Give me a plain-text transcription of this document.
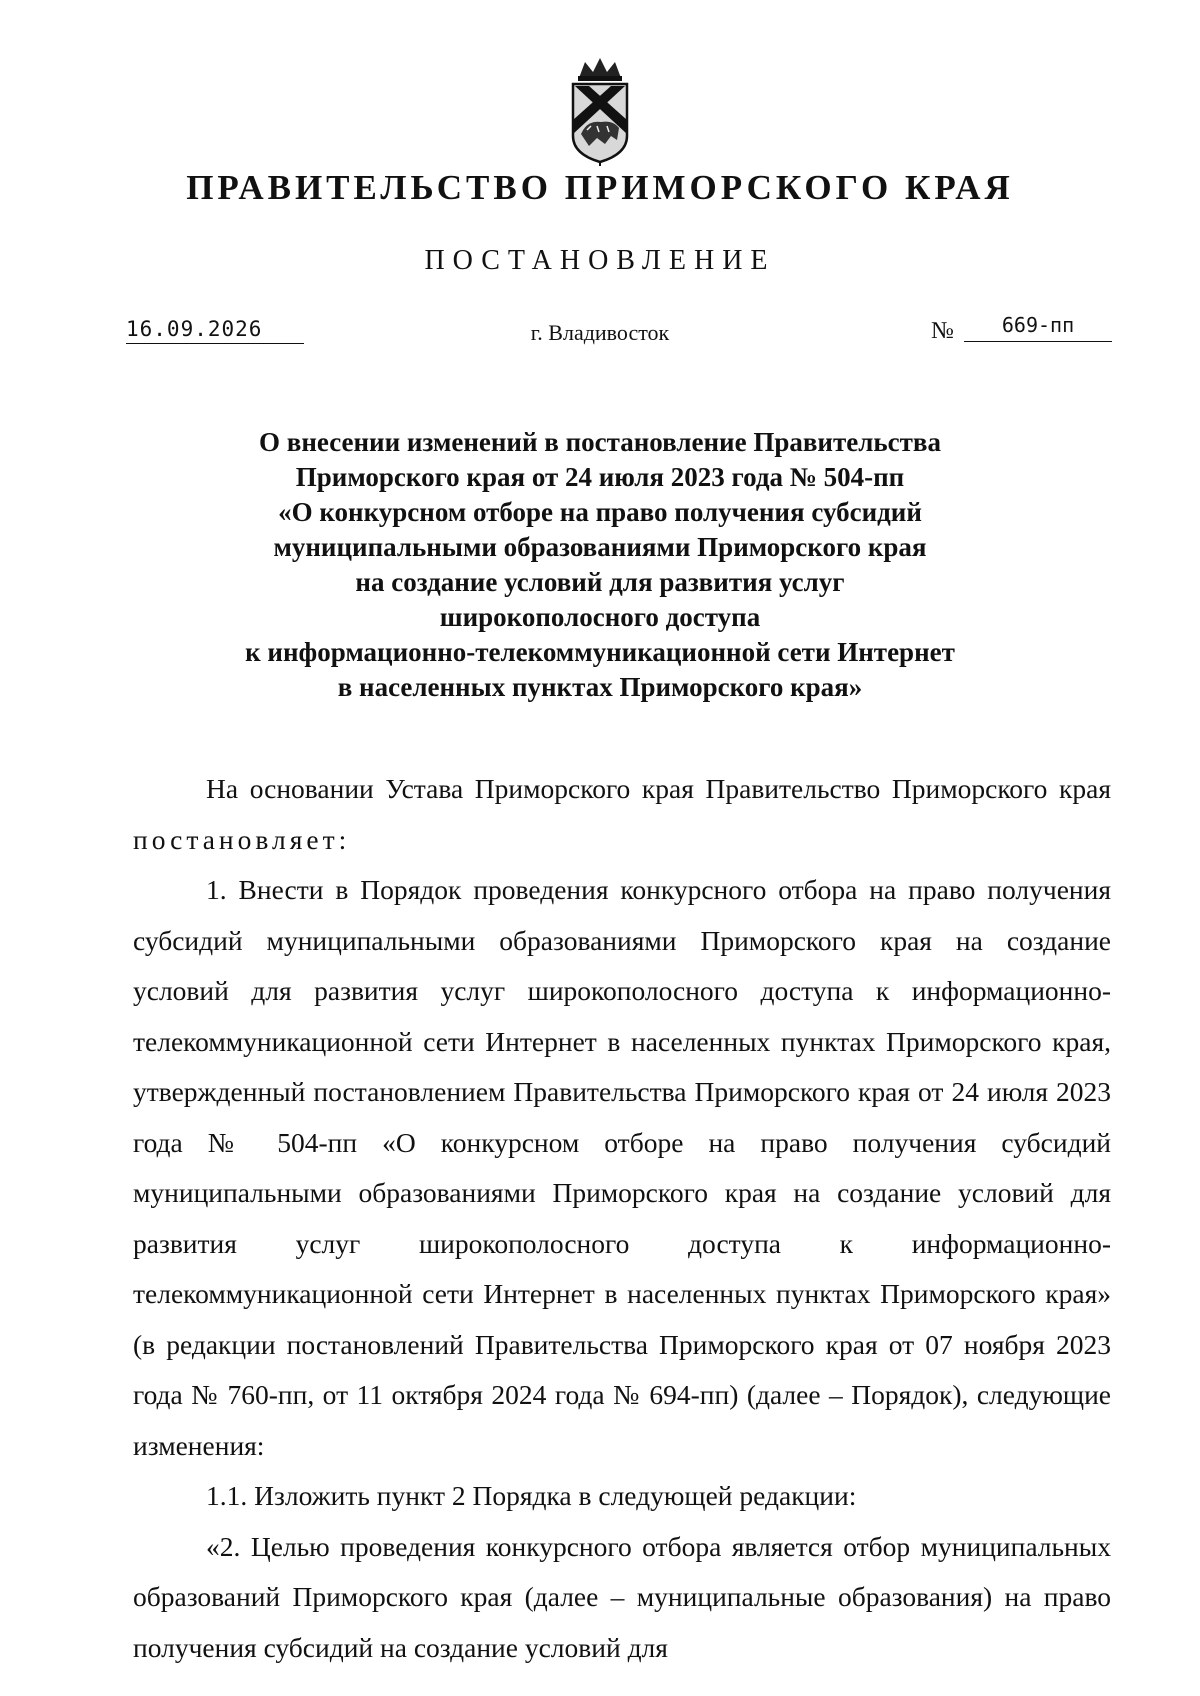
ПРАВИТЕЛЬСТВО ПРИМОРСКОГО КРАЯ
ПОСТАНОВЛЕНИЕ
16.09.2026	г. Владивосток	№	669-пп
О внесении изменений в постановление Правительства
Приморского края от 24 июля 2023 года № 504-пп
«О конкурсном отборе на право получения субсидий
муниципальными образованиями Приморского края
на создание условий для развития услуг
широкополосного доступа
к информационно-телекоммуникационной сети Интернет
в населенных пунктах Приморского края»

На основании Устава Приморского края Правительство Приморского края постановляет:

1. Внести в Порядок проведения конкурсного отбора на право получения субсидий муниципальными образованиями Приморского края на создание условий для развития услуг широкополосного доступа к информационно-телекоммуникационной сети Интернет в населенных пунктах Приморского края, утвержденный постановлением Правительства Приморского края от 24 июля 2023 года № 504-пп «О конкурсном отборе на право получения субсидий муниципальными образованиями Приморского края на создание условий для развития услуг широкополосного доступа к информационно-телекоммуникационной сети Интернет в населенных пунктах Приморского края» (в редакции постановлений Правительства Приморского края от 07 ноября 2023 года № 760-пп, от 11 октября 2024 года № 694-пп) (далее – Порядок), следующие изменения:

1.1. Изложить пункт 2 Порядка в следующей редакции:

«2. Целью проведения конкурсного отбора является отбор муниципальных образований Приморского края (далее – муниципальные образования) на право получения субсидий на создание условий для
